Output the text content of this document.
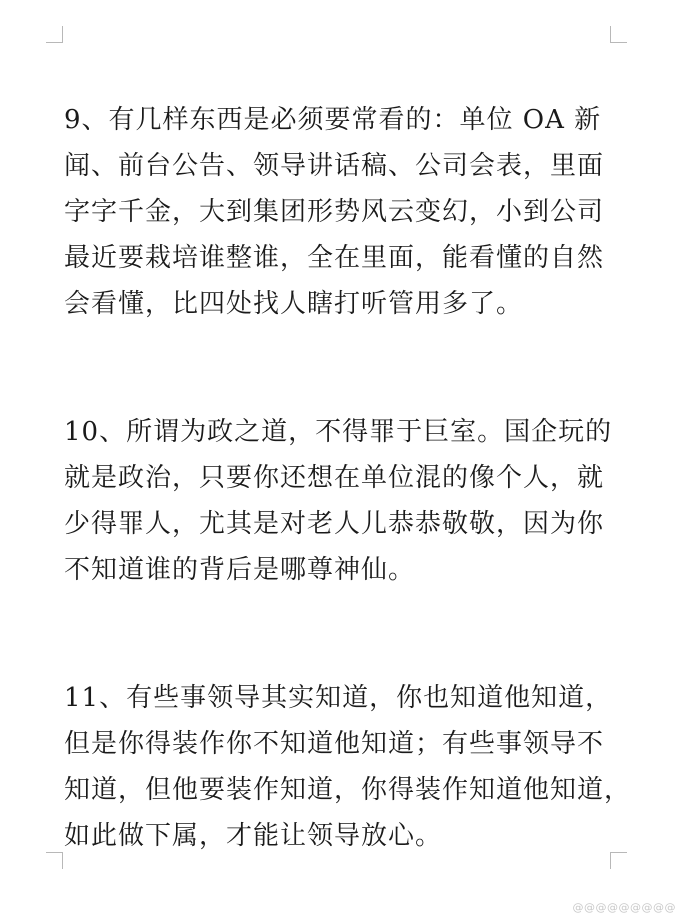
9、有几样东西是必须要常看的：单位 OA 新
闻、前台公告、领导讲话稿、公司会表，里面
字字千金，大到集团形势风云变幻，小到公司
最近要栽培谁整谁，全在里面，能看懂的自然
会看懂，比四处找人瞎打听管用多了。

10、所谓为政之道，不得罪于巨室。国企玩的
就是政治，只要你还想在单位混的像个人，就
少得罪人，尤其是对老人儿恭恭敬敬，因为你
不知道谁的背后是哪尊神仙。

11、有些事领导其实知道，你也知道他知道，
但是你得装作你不知道他知道；有些事领导不
知道，但他要装作知道，你得装作知道他知道，
如此做下属，才能让领导放心。

@@@@@@@@@
